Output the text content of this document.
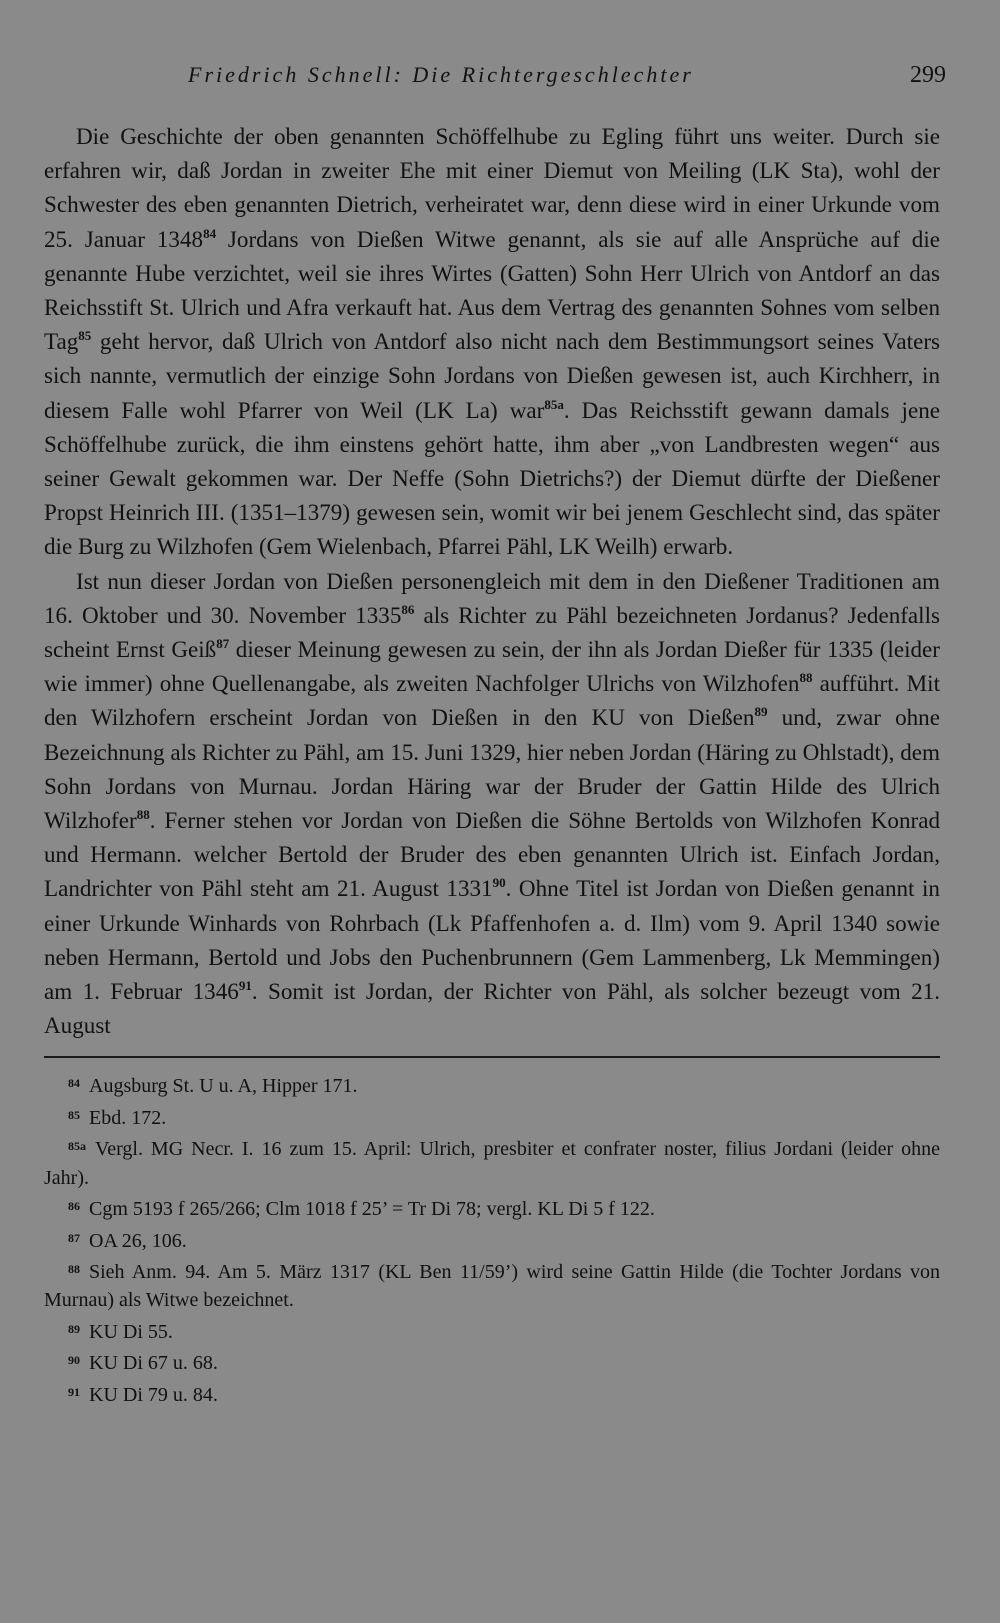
Friedrich Schnell: Die Richtergeschlechter	299

Die Geschichte der oben genannten Schöffelhube zu Egling führt uns weiter. Durch sie erfahren wir, daß Jordan in zweiter Ehe mit einer Diemut von Meiling (LK Sta), wohl der Schwester des eben genannten Dietrich, verheiratet war, denn diese wird in einer Urkunde vom 25. Januar 1348$^{84}$ Jordans von Dießen Witwe genannt, als sie auf alle Ansprüche auf die genannte Hube verzichtet, weil sie ihres Wirtes (Gatten) Sohn Herr Ulrich von Antdorf an das Reichsstift St. Ulrich und Afra verkauft hat. Aus dem Vertrag des genannten Sohnes vom selben Tag$^{85}$ geht hervor, daß Ulrich von Antdorf also nicht nach dem Bestimmungsort seines Vaters sich nannte, vermutlich der einzige Sohn Jordans von Dießen gewesen ist, auch Kirchherr, in diesem Falle wohl Pfarrer von Weil (LK La) war$^{85a}$. Das Reichsstift gewann damals jene Schöffelhube zurück, die ihm einstens gehört hatte, ihm aber „von Landbresten wegen“ aus seiner Gewalt gekommen war. Der Neffe (Sohn Dietrichs?) der Diemut dürfte der Dießener Propst Heinrich III. (1351–1379) gewesen sein, womit wir bei jenem Geschlecht sind, das später die Burg zu Wilzhofen (Gem Wielenbach, Pfarrei Pähl, LK Weilh) erwarb.

Ist nun dieser Jordan von Dießen personengleich mit dem in den Dießener Traditionen am 16. Oktober und 30. November 1335$^{86}$ als Richter zu Pähl bezeichneten Jordanus? Jedenfalls scheint Ernst Geiß$^{87}$ dieser Meinung gewesen zu sein, der ihn als Jordan Dießer für 1335 (leider wie immer) ohne Quellenangabe, als zweiten Nachfolger Ulrichs von Wilzhofen$^{88}$ aufführt. Mit den Wilzhofern erscheint Jordan von Dießen in den KU von Dießen$^{89}$ und, zwar ohne Bezeichnung als Richter zu Pähl, am 15. Juni 1329, hier neben Jordan (Häring zu Ohlstadt), dem Sohn Jordans von Murnau. Jordan Häring war der Bruder der Gattin Hilde des Ulrich Wilzhofer$^{88}$. Ferner stehen vor Jordan von Dießen die Söhne Bertolds von Wilzhofen Konrad und Hermann. welcher Bertold der Bruder des eben genannten Ulrich ist. Einfach Jordan, Landrichter von Pähl steht am 21. August 1331$^{90}$. Ohne Titel ist Jordan von Dießen genannt in einer Urkunde Winhards von Rohrbach (Lk Pfaffenhofen a. d. Ilm) vom 9. April 1340 sowie neben Hermann, Bertold und Jobs den Puchenbrunnern (Gem Lammenberg, Lk Memmingen) am 1. Februar 1346$^{91}$. Somit ist Jordan, der Richter von Pähl, als solcher bezeugt vom 21. August

$^{84}$ Augsburg St. U u. A, Hipper 171.

$^{85}$ Ebd. 172.

$^{85a}$ Vergl. MG Necr. I. 16 zum 15. April: Ulrich, presbiter et confrater noster, filius Jordani (leider ohne Jahr).

$^{86}$ Cgm 5193 f 265/266; Clm 1018 f 25’ = Tr Di 78; vergl. KL Di 5 f 122.

$^{87}$ OA 26, 106.

$^{88}$ Sieh Anm. 94. Am 5. März 1317 (KL Ben 11/59’) wird seine Gattin Hilde (die Tochter Jordans von Murnau) als Witwe bezeichnet.

$^{89}$ KU Di 55.

$^{90}$ KU Di 67 u. 68.

$^{91}$ KU Di 79 u. 84.
